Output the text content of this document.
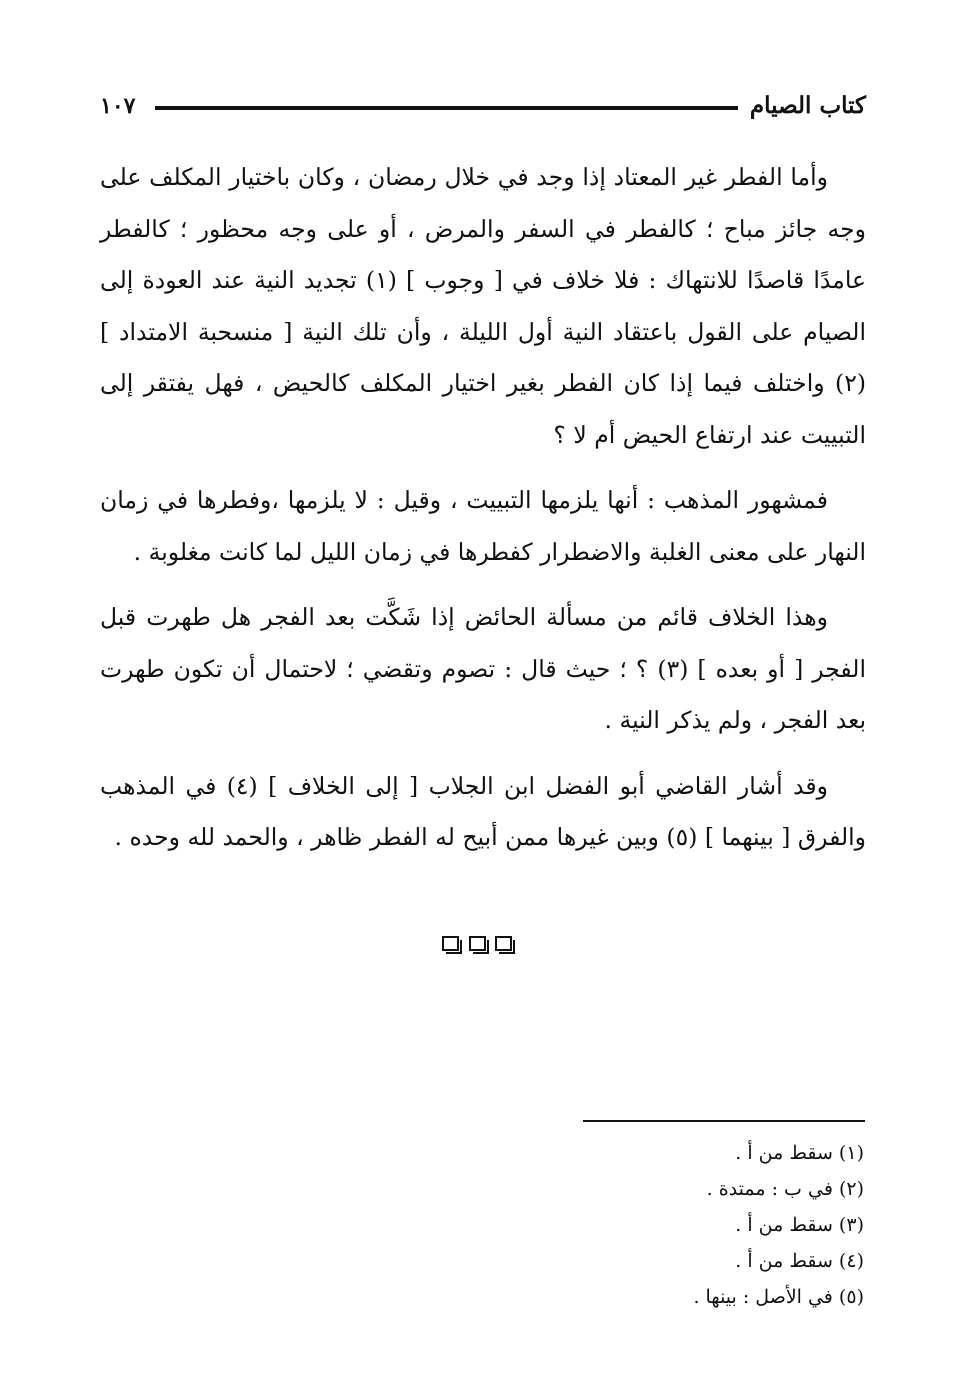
كتاب الصيام
١٠٧

وأما الفطر غير المعتاد إذا وجد في خلال رمضان ، وكان باختيار المكلف على وجه جائز مباح ؛ كالفطر في السفر والمرض ، أو على وجه محظور ؛ كالفطر عامدًا قاصدًا للانتهاك : فلا خلاف في [ وجوب ] (١) تجديد النية عند العودة إلى الصيام على القول باعتقاد النية أول الليلة ، وأن تلك النية [ منسحبة الامتداد ] (٢) واختلف فيما إذا كان الفطر بغير اختيار المكلف كالحيض ، فهل يفتقر إلى التبييت عند ارتفاع الحيض أم لا ؟

فمشهور المذهب : أنها يلزمها التبييت ، وقيل : لا يلزمها ،وفطرها في زمان النهار على معنى الغلبة والاضطرار كفطرها في زمان الليل لما كانت مغلوبة .

وهذا الخلاف قائم من مسألة الحائض إذا شَكَّت بعد الفجر هل طهرت قبل الفجر [ أو بعده ] (٣) ؟ ؛ حيث قال : تصوم وتقضي ؛ لاحتمال أن تكون طهرت بعد الفجر ، ولم يذكر النية .

وقد أشار القاضي أبو الفضل ابن الجلاب [ إلى الخلاف ] (٤) في المذهب والفرق [ بينهما ] (٥) وبين غيرها ممن أبيح له الفطر ظاهر ، والحمد لله وحده .

(١) سقط من أ .
(٢) في ب : ممتدة .
(٣) سقط من أ .
(٤) سقط من أ .
(٥) في الأصل : بينها .
